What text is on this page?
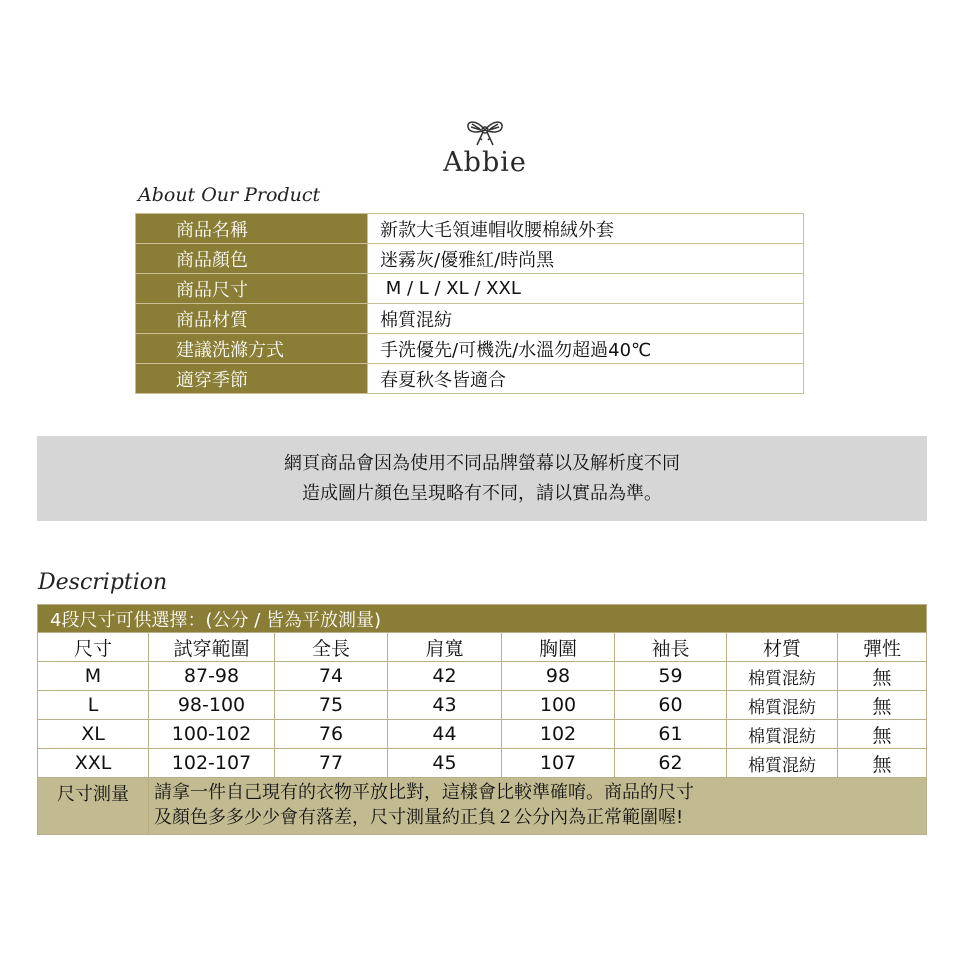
Abbie
About Our Product
商品名稱	新款大毛領連帽收腰棉絨外套
商品顏色	迷霧灰/優雅紅/時尚黑
商品尺寸	M / L / XL / XXL
商品材質	棉質混紡
建議洗滌方式	手洗優先/可機洗/水溫勿超過40℃
適穿季節	春夏秋冬皆適合
網頁商品會因為使用不同品牌螢幕以及解析度不同
造成圖片顏色呈現略有不同，請以實品為準。
Description
4段尺寸可供選擇：(公分 / 皆為平放測量)							
尺寸	試穿範圍	全長	肩寬	胸圍	袖長	材質	彈性
M	87-98	74	42	98	59	棉質混紡	無
L	98-100	75	43	100	60	棉質混紡	無
XL	100-102	76	44	102	61	棉質混紡	無
XXL	102-107	77	45	107	62	棉質混紡	無
尺寸測量	請拿一件自己現有的衣物平放比對，這樣會比較準確唷。商品的尺寸
及顏色多多少少會有落差，尺寸測量約正負２公分內為正常範圍喔!						
